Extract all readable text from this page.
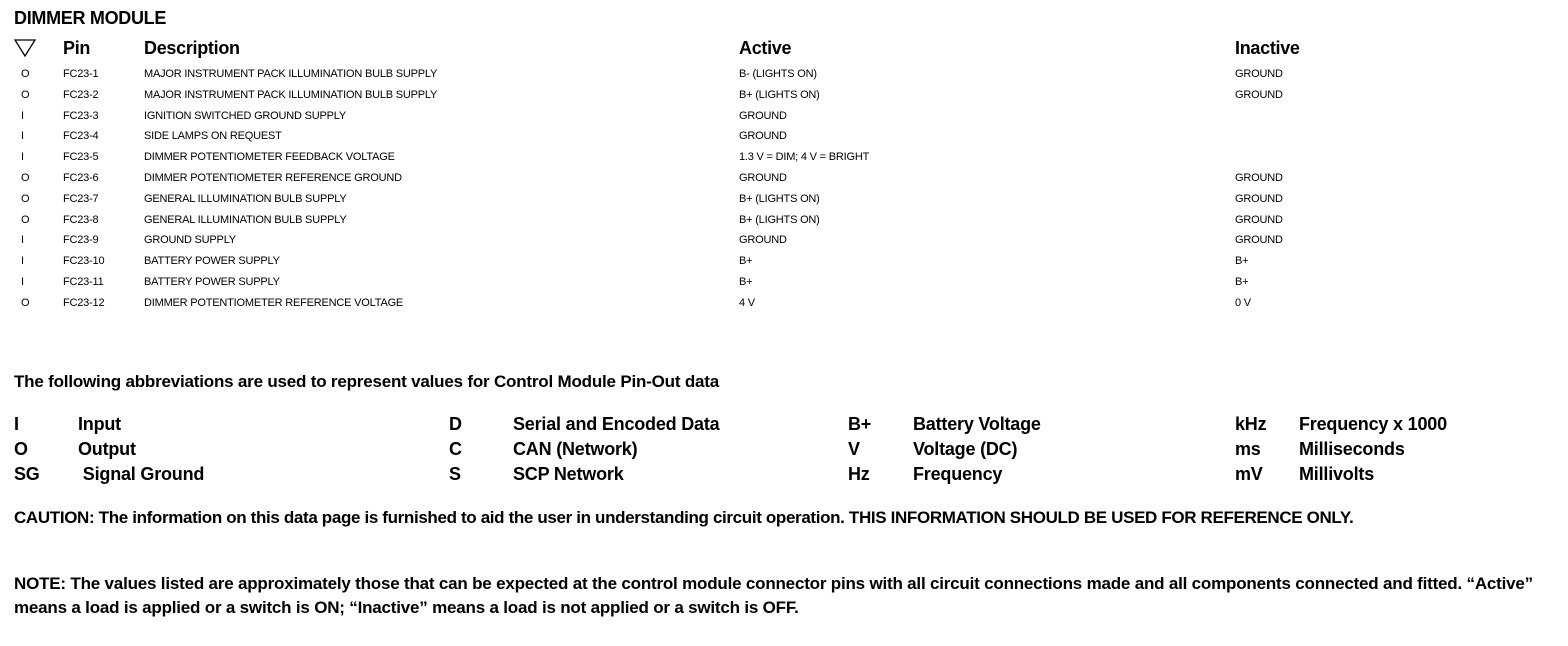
DIMMER MODULE
Pin	Description	Active	Inactive
O	FC23-1	MAJOR INSTRUMENT PACK ILLUMINATION BULB SUPPLY	B- (LIGHTS ON)	GROUND
O	FC23-2	MAJOR INSTRUMENT PACK ILLUMINATION BULB SUPPLY	B+ (LIGHTS ON)	GROUND
I	FC23-3	IGNITION SWITCHED GROUND SUPPLY	GROUND
I	FC23-4	SIDE LAMPS ON REQUEST	GROUND
I	FC23-5	DIMMER POTENTIOMETER FEEDBACK VOLTAGE	1.3 V = DIM; 4 V = BRIGHT
O	FC23-6	DIMMER POTENTIOMETER REFERENCE GROUND	GROUND	GROUND
O	FC23-7	GENERAL ILLUMINATION BULB SUPPLY	B+ (LIGHTS ON)	GROUND
O	FC23-8	GENERAL ILLUMINATION BULB SUPPLY	B+ (LIGHTS ON)	GROUND
I	FC23-9	GROUND SUPPLY	GROUND	GROUND
I	FC23-10	BATTERY POWER SUPPLY	B+	B+
I	FC23-11	BATTERY POWER SUPPLY	B+	B+
O	FC23-12	DIMMER POTENTIOMETER REFERENCE VOLTAGE	4 V	0 V
The following abbreviations are used to represent values for Control Module Pin-Out data
I	Input	D	Serial and Encoded Data	B+ Battery Voltage	kHz Frequency x 1000
O	Output	C	CAN (Network)	V	Voltage (DC)	ms Milliseconds
SG Signal Ground	S	SCP Network	Hz Frequency	mV Millivolts
CAUTION: The information on this data page is furnished to aid the user in understanding circuit operation. THIS INFORMATION SHOULD BE USED FOR REFERENCE ONLY.
NOTE: The values listed are approximately those that can be expected at the control module connector pins with all circuit connections made and all components connected and fitted. “Active” means a load is applied or a switch is ON; “Inactive” means a load is not applied or a switch is OFF.
